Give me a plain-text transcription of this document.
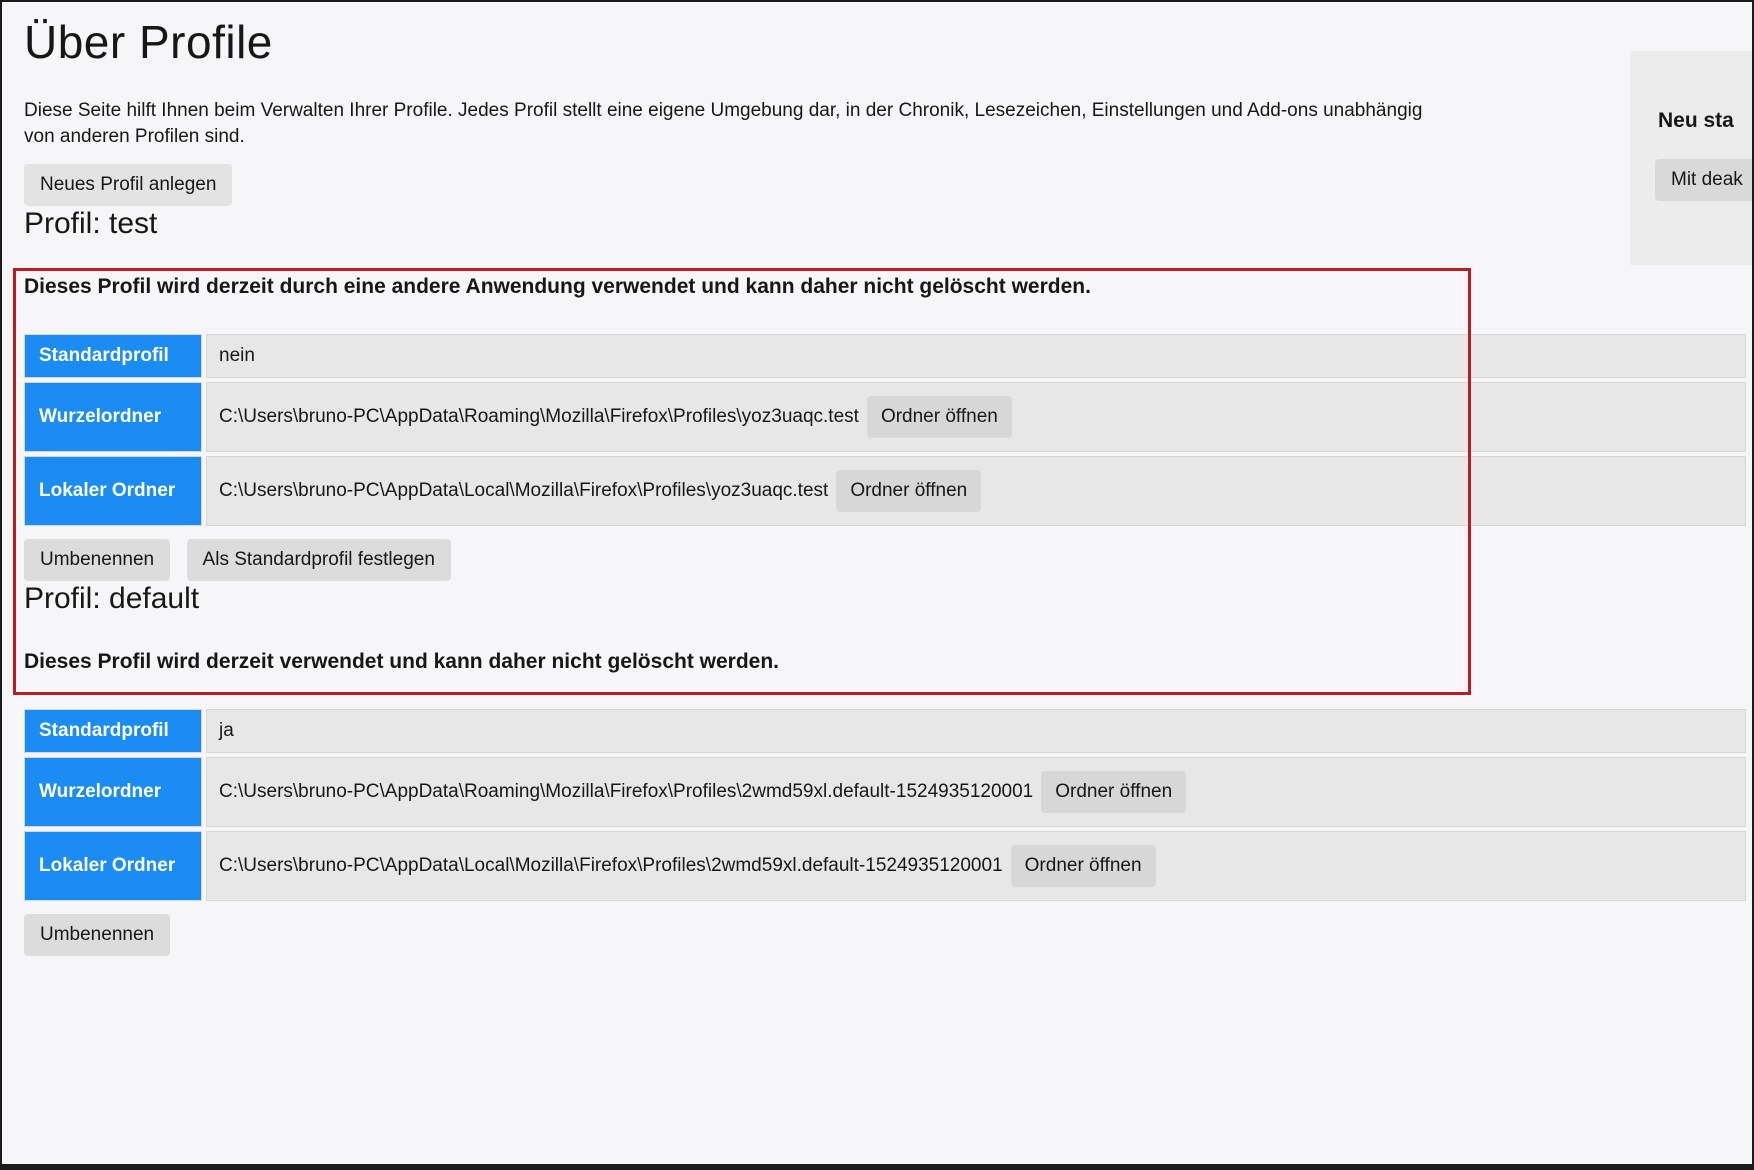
Neu sta
Mit deak
Über Profile

Diese Seite hilft Ihnen beim Verwalten Ihrer Profile. Jedes Profil stellt eine eigene Umgebung dar, in der Chronik, Lesezeichen, Einstellungen und Add-ons unabhängig von anderen Profilen sind.

Neues Profil anlegen
Profil: test

Dieses Profil wird derzeit durch eine andere Anwendung verwendet und kann daher nicht gelöscht werden.

Standardprofil	nein
Wurzelordner	C:\Users\bruno-PC\AppData\Roaming\Mozilla\Firefox\Profiles\yoz3uaqc.test Ordner öffnen
Lokaler Ordner	C:\Users\bruno-PC\AppData\Local\Mozilla\Firefox\Profiles\yoz3uaqc.test Ordner öffnen
Umbenennen	Als Standardprofil festlegen
Profil: default

Dieses Profil wird derzeit verwendet und kann daher nicht gelöscht werden.

Standardprofil	ja
Wurzelordner	C:\Users\bruno-PC\AppData\Roaming\Mozilla\Firefox\Profiles\2wmd59xl.default-1524935120001 Ordner öffnen
Lokaler Ordner	C:\Users\bruno-PC\AppData\Local\Mozilla\Firefox\Profiles\2wmd59xl.default-1524935120001 Ordner öffnen
Umbenennen
